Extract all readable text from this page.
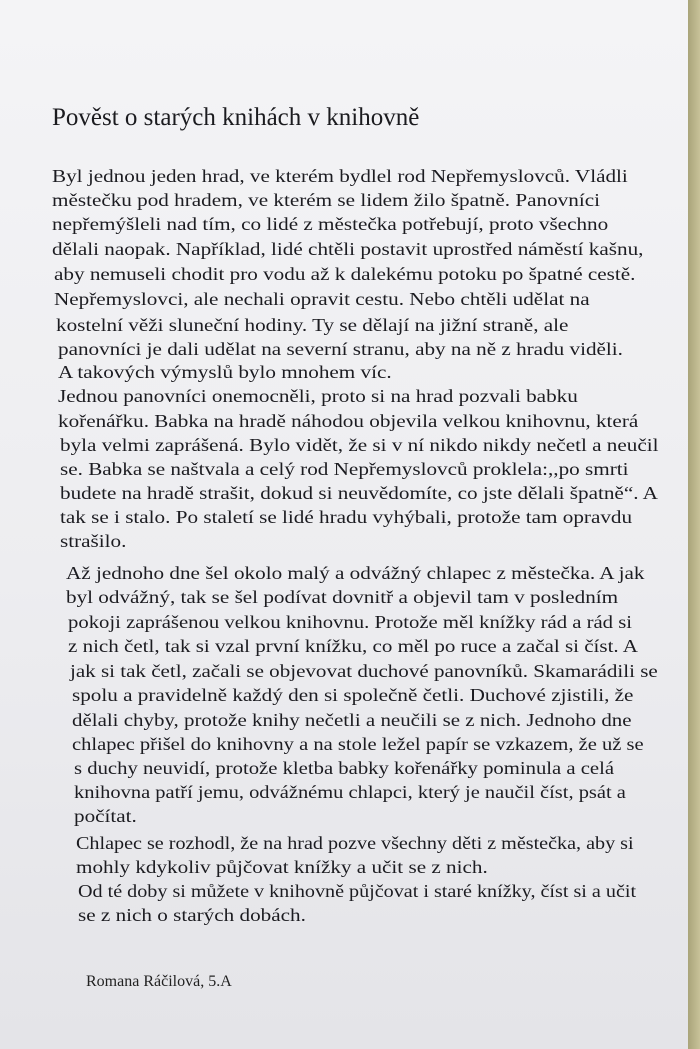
Pověst o starých knihách v knihovně
Byl jednou jeden hrad, ve kterém bydlel rod Nepřemyslovců. Vládli
městečku pod hradem, ve kterém se lidem žilo špatně. Panovníci
nepřemýšleli nad tím, co lidé z městečka potřebují, proto všechno
dělali naopak. Například, lidé chtěli postavit uprostřed náměstí kašnu,
aby nemuseli chodit pro vodu až k dalekému potoku po špatné cestě.
Nepřemyslovci, ale nechali opravit cestu. Nebo chtěli udělat na
kostelní věži sluneční hodiny. Ty se dělají na jižní straně, ale
panovníci je dali udělat na severní stranu, aby na ně z hradu viděli.
A takových výmyslů bylo mnohem víc.
Jednou panovníci onemocněli, proto si na hrad pozvali babku
kořenářku. Babka na hradě náhodou objevila velkou knihovnu, která
byla velmi zaprášená. Bylo vidět, že si v ní nikdo nikdy nečetl a neučil
se. Babka se naštvala a celý rod Nepřemyslovců proklela:,,po smrti
budete na hradě strašit, dokud si neuvědomíte, co jste dělali špatně“. A
tak se i stalo. Po staletí se lidé hradu vyhýbali, protože tam opravdu
strašilo.
Až jednoho dne šel okolo malý a odvážný chlapec z městečka. A jak
byl odvážný, tak se šel podívat dovnitř a objevil tam v posledním
pokoji zaprášenou velkou knihovnu. Protože měl knížky rád a rád si
z nich četl, tak si vzal první knížku, co měl po ruce a začal si číst. A
jak si tak četl, začali se objevovat duchové panovníků. Skamarádili se
spolu a pravidelně každý den si společně četli. Duchové zjistili, že
dělali chyby, protože knihy nečetli a neučili se z nich. Jednoho dne
chlapec přišel do knihovny a na stole ležel papír se vzkazem, že už se
s duchy neuvidí, protože kletba babky kořenářky pominula a celá
knihovna patří jemu, odvážnému chlapci, který je naučil číst, psát a
počítat.
Chlapec se rozhodl, že na hrad pozve všechny děti z městečka, aby si
mohly kdykoliv půjčovat knížky a učit se z nich.
Od té doby si můžete v knihovně půjčovat i staré knížky, číst si a učit
se z nich o starých dobách.
Romana Ráčilová, 5.A
